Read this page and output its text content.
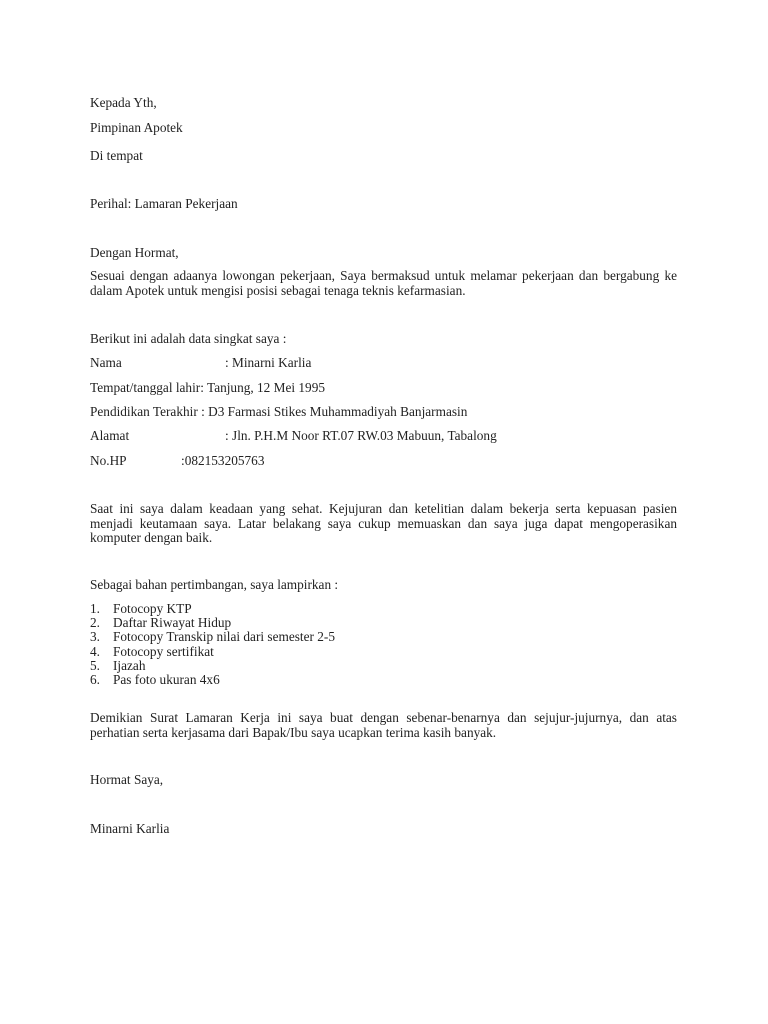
Kepada Yth,

Pimpinan Apotek

Di tempat

Perihal: Lamaran Pekerjaan

Dengan Hormat,

Sesuai dengan adaanya lowongan pekerjaan, Saya bermaksud untuk melamar pekerjaan dan bergabung ke dalam Apotek untuk mengisi posisi sebagai tenaga teknis kefarmasian.

Berikut ini adalah data singkat saya :

Nama	: Minarni Karlia

Tempat/tanggal lahir: Tanjung, 12 Mei 1995

Pendidikan Terakhir : D3 Farmasi Stikes Muhammadiyah Banjarmasin

Alamat	: Jln. P.H.M Noor RT.07 RW.03 Mabuun, Tabalong

No.HP	:082153205763

Saat ini saya dalam keadaan yang sehat. Kejujuran dan ketelitian dalam bekerja serta kepuasan pasien menjadi keutamaan saya. Latar belakang saya cukup memuaskan dan saya juga dapat mengoperasikan komputer dengan baik.

Sebagai bahan pertimbangan, saya lampirkan :

1. Fotocopy KTP
2. Daftar Riwayat Hidup
3. Fotocopy Transkip nilai dari semester 2-5
4. Fotocopy sertifikat
5. Ijazah
6. Pas foto ukuran 4x6

Demikian Surat Lamaran Kerja ini saya buat dengan sebenar-benarnya dan sejujur-jujurnya, dan atas perhatian serta kerjasama dari Bapak/Ibu saya ucapkan terima kasih banyak.

Hormat Saya,

Minarni Karlia
